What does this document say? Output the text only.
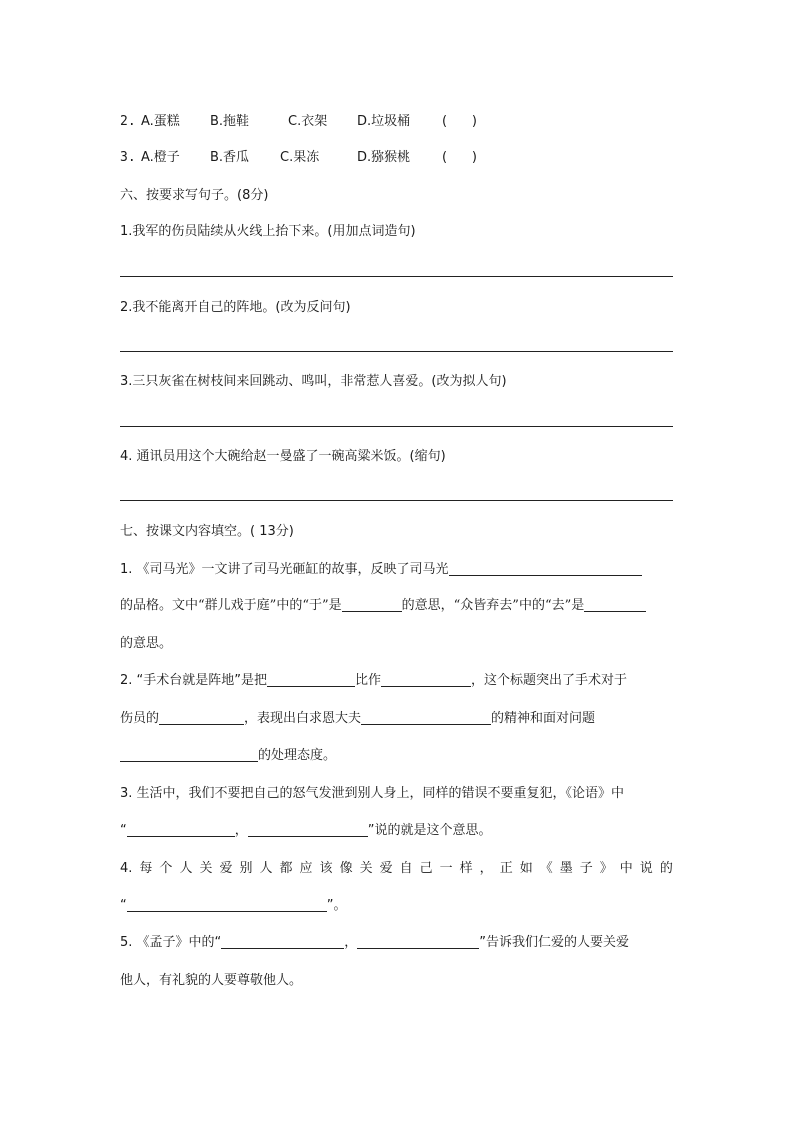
2. A.蛋糕 B.拖鞋	C.衣架 D.垃圾桶 (      )
3. A.橙子 B.香瓜 C.果冻	D.猕猴桃 (      )
六、按要求写句子。(8分)
1.我军的伤员陆续从火线上抬下来。(用加点词造句)
2.我不能离开自己的阵地。(改为反问句)
3.三只灰雀在树枝间来回跳动、鸣叫，非常惹人喜爱。(改为拟人句)
4. 通讯员用这个大碗给赵一曼盛了一碗高粱米饭。(缩句)
七、按课文内容填空。( 13分)
1. 《司马光》一文讲了司马光砸缸的故事，反映了司马光
的品格。文中“群儿戏于庭”中的“于”是	的意思，“众皆弃去”中的“去”是
的意思。
2. “手术台就是阵地”是把	比作	，这个标题突出了手术对于
伤员的	，表现出白求恩大夫	的精神和面对问题
的处理态度。
3. 生活中，我们不要把自己的怒气发泄到别人身上，同样的错误不要重复犯，《论语》中
“	，	”说的就是这个意思。
4. 每 个 人 关 爱 别 人 都 应 该 像 关 爱 自 己 一 样 ， 正 如 《 墨 子 》 中 说 的
“	”。
5. 《孟子》中的“	，	”告诉我们仁爱的人要关爱
他人，有礼貌的人要尊敬他人。
